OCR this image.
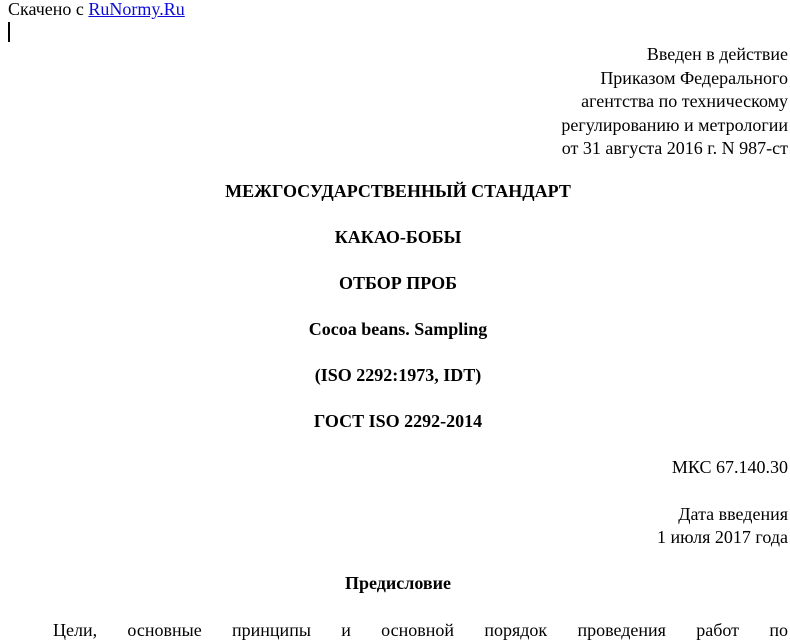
Скачено с RuNormy.Ru
Введен в действие
Приказом Федерального
агентства по техническому
регулированию и метрологии
от 31 августа 2016 г. N 987-ст
МЕЖГОСУДАРСТВЕННЫЙ СТАНДАРТ
КАКАО-БОБЫ
ОТБОР ПРОБ
Cocoa beans. Sampling
(ISO 2292:1973, IDT)
ГОСТ ISO 2292-2014
МКС 67.140.30
Дата введения
1 июля 2017 года
Предисловие
Цели, основные принципы и основной порядок проведения работ по
